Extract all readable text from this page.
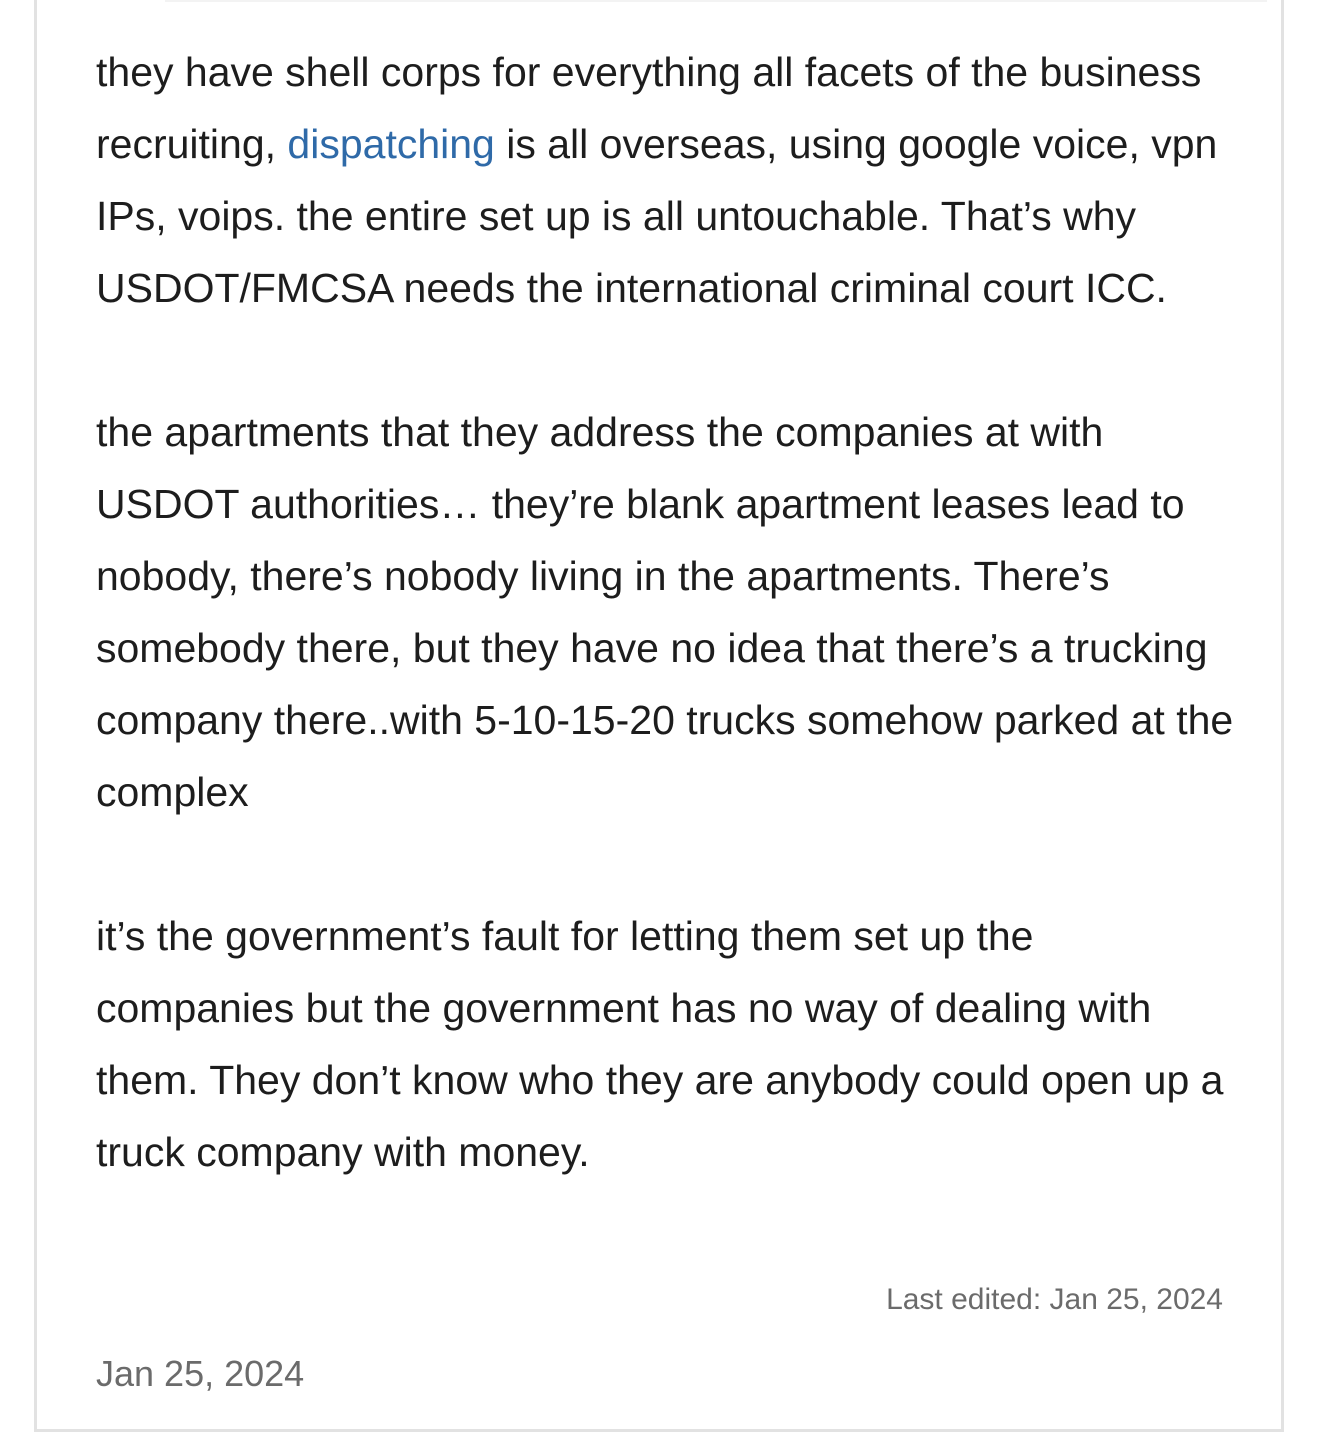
they have shell corps for everything all facets of the business recruiting, dispatching is all overseas, using google voice, vpn IPs, voips. the entire set up is all untouchable. That’s why USDOT/FMCSA needs the international criminal court ICC.

the apartments that they address the companies at with USDOT authorities… they’re blank apartment leases lead to nobody, there’s nobody living in the apartments. There’s somebody there, but they have no idea that there’s a trucking company there..with 5-10-15-20 trucks somehow parked at the complex

it’s the government’s fault for letting them set up the companies but the government has no way of dealing with them. They don’t know who they are anybody could open up a truck company with money.

Last edited: Jan 25, 2024
Jan 25, 2024
